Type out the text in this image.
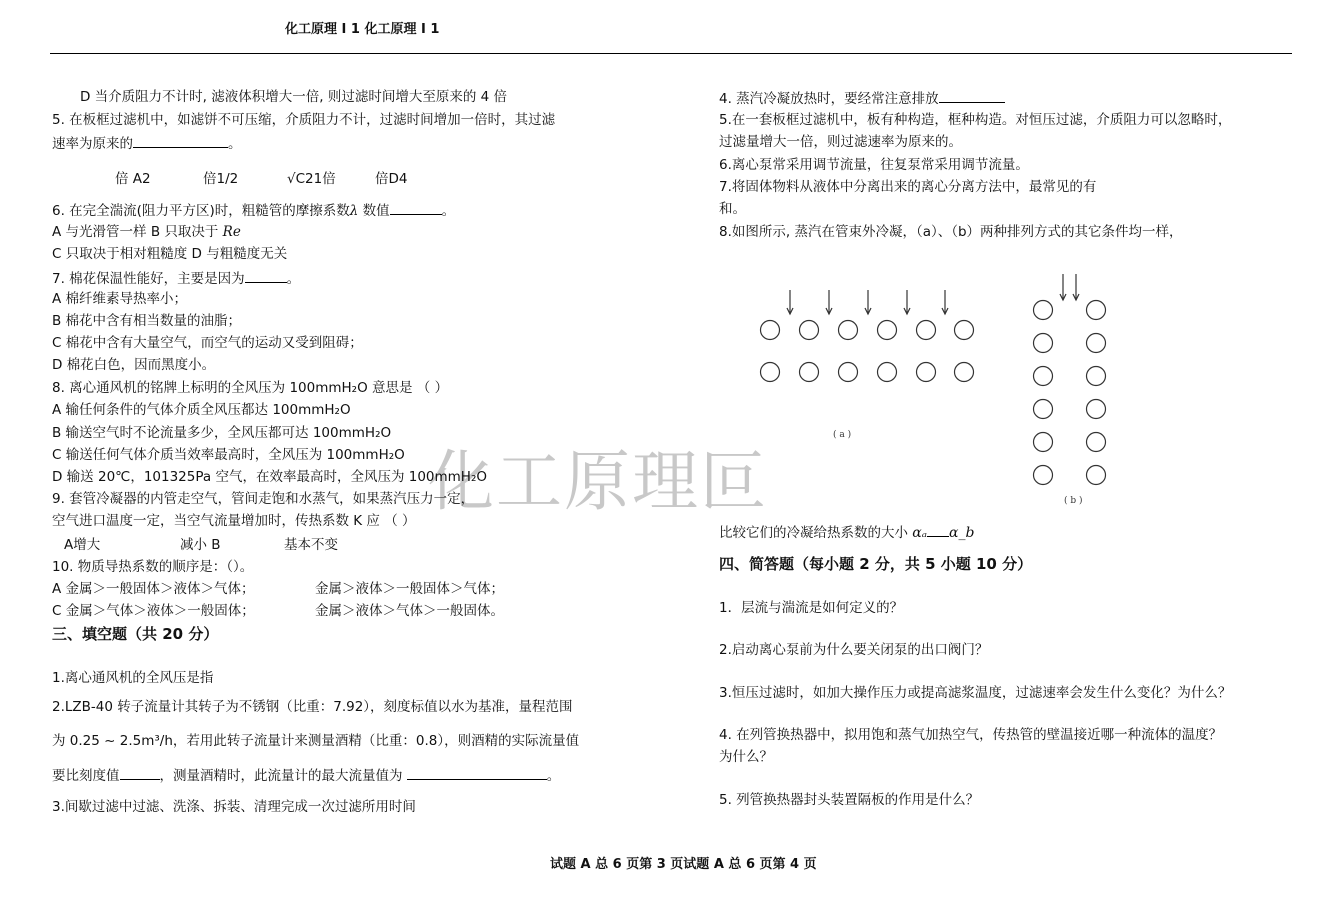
化工原理 I 1 化工原理 I 1
化工原理叵
D 当介质阻力不计时, 滤液体积增大一倍, 则过滤时间增大至原来的 4 倍
5. 在板框过滤机中，如滤饼不可压缩，介质阻力不计，过滤时间增加一倍时，其过滤
速率为原来的	。
倍 A2	倍1/2	√C21倍	倍D4
6. 在完全湍流(阻力平方区)时，粗糙管的摩擦系数λ 数值	。
A 与光滑管一样 B 只取决于 Re
C 只取决于相对粗糙度 D 与粗糙度无关
7. 棉花保温性能好，主要是因为	。
A 棉纤维素导热率小；
B 棉花中含有相当数量的油脂；
C 棉花中含有大量空气，而空气的运动又受到阻碍；
D 棉花白色，因而黑度小。
8. 离心通风机的铭牌上标明的全风压为 100mmH₂O 意思是 （ ）
A 输任何条件的气体介质全风压都达 100mmH₂O
B 输送空气时不论流量多少，全风压都可达 100mmH₂O
C 输送任何气体介质当效率最高时，全风压为 100mmH₂O
D 输送 20℃，101325Pa 空气，在效率最高时，全风压为 100mmH₂O
9. 套管冷凝器的内管走空气，管间走饱和水蒸气，如果蒸汽压力一定，
空气进口温度一定，当空气流量增加时，传热系数 K 应 （ ）
A增大	减小 B	基本不变
10. 物质导热系数的顺序是：（）。
A 金属＞一般固体＞液体＞气体；	金属＞液体＞一般固体＞气体；
C 金属＞气体＞液体＞一般固体；	金属＞液体＞气体＞一般固体。
三、填空题（共 20 分）
1.离心通风机的全风压是指
2.LZB-40 转子流量计其转子为不锈钢（比重：7.92），刻度标值以水为基准，量程范围
为 0.25 ~ 2.5m³/h，若用此转子流量计来测量酒精（比重：0.8），则酒精的实际流量值
要比刻度值	，测量酒精时，此流量计的最大流量值为	。
3.间歇过滤中过滤、洗涤、拆装、清理完成一次过滤所用时间
4. 蒸汽冷凝放热时，要经常注意排放
5.在一套板框过滤机中，板有种构造，框种构造。对恒压过滤，介质阻力可以忽略时，
过滤量增大一倍，则过滤速率为原来的。
6.离心泵常采用调节流量，往复泵常采用调节流量。
7.将固体物料从液体中分离出来的离心分离方法中，最常见的有
和。
8.如图所示, 蒸汽在管束外冷凝，（a）、（b）两种排列方式的其它条件均一样，
( a )
( b )
比较它们的冷凝给热系数的大小 αₐ α_b
四、简答题（每小题 2 分，共 5 小题 10 分）
1．层流与湍流是如何定义的？
2.启动离心泵前为什么要关闭泵的出口阀门？
3.恒压过滤时，如加大操作压力或提高滤浆温度，过滤速率会发生什么变化？为什么？
4. 在列管换热器中，拟用饱和蒸气加热空气，传热管的壁温接近哪一种流体的温度？
为什么？
5. 列管换热器封头装置隔板的作用是什么？
试题 A 总 6 页第 3 页试题 A 总 6 页第 4 页
